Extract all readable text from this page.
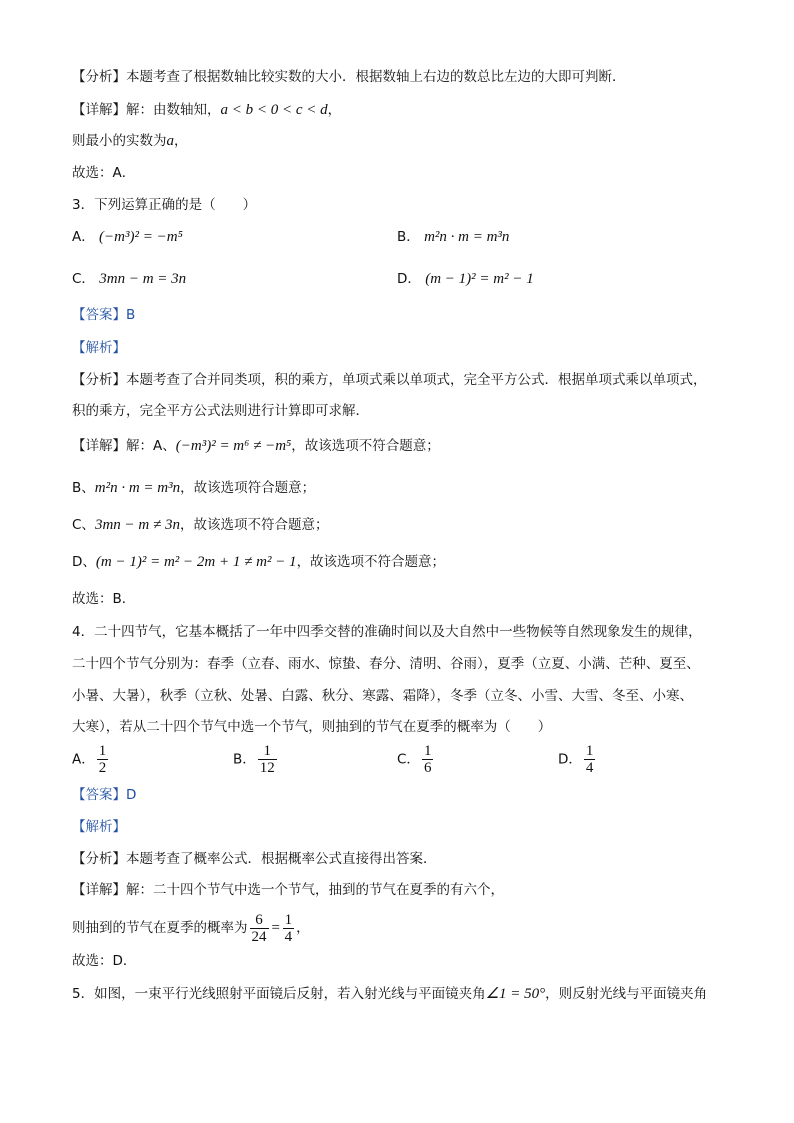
【分析】本题考查了根据数轴比较实数的大小．根据数轴上右边的数总比左边的大即可判断．
【详解】解：由数轴知，a < b < 0 < c < d，
则最小的实数为a，
故选：A．
3．下列运算正确的是（　　）
A． (−m³)² = −m⁵	B． m²n · m = m³n
C． 3mn − m = 3n	D． (m − 1)² = m² − 1
【答案】B
【解析】
【分析】本题考查了合并同类项，积的乘方，单项式乘以单项式，完全平方公式．根据单项式乘以单项式，
积的乘方，完全平方公式法则进行计算即可求解．
【详解】解：A、(−m³)² = m⁶ ≠ −m⁵，故该选项不符合题意；
B、m²n · m = m³n，故该选项符合题意；
C、3mn − m ≠ 3n，故该选项不符合题意；
D、(m − 1)² = m² − 2m + 1 ≠ m² − 1，故该选项不符合题意；
故选：B．
4．二十四节气，它基本概括了一年中四季交替的准确时间以及大自然中一些物候等自然现象发生的规律，
二十四个节气分别为：春季（立春、雨水、惊蛰、春分、清明、谷雨），夏季（立夏、小满、芒种、夏至、
小暑、大暑），秋季（立秋、处暑、白露、秋分、寒露、霜降），冬季（立冬、小雪、大雪、冬至、小寒、
大寒），若从二十四个节气中选一个节气，则抽到的节气在夏季的概率为（　　）
A． $\frac{1}{2}$	B． $\frac{1}{12}$	C． $\frac{1}{6}$	D． $\frac{1}{4}$
【答案】D
【解析】
【分析】本题考查了概率公式．根据概率公式直接得出答案．
【详解】解：二十四个节气中选一个节气，抽到的节气在夏季的有六个，
则抽到的节气在夏季的概率为 $\frac{6}{24} = \frac{1}{4}$ ，
故选：D．
5．如图，一束平行光线照射平面镜后反射，若入射光线与平面镜夹角∠1 = 50°，则反射光线与平面镜夹角
